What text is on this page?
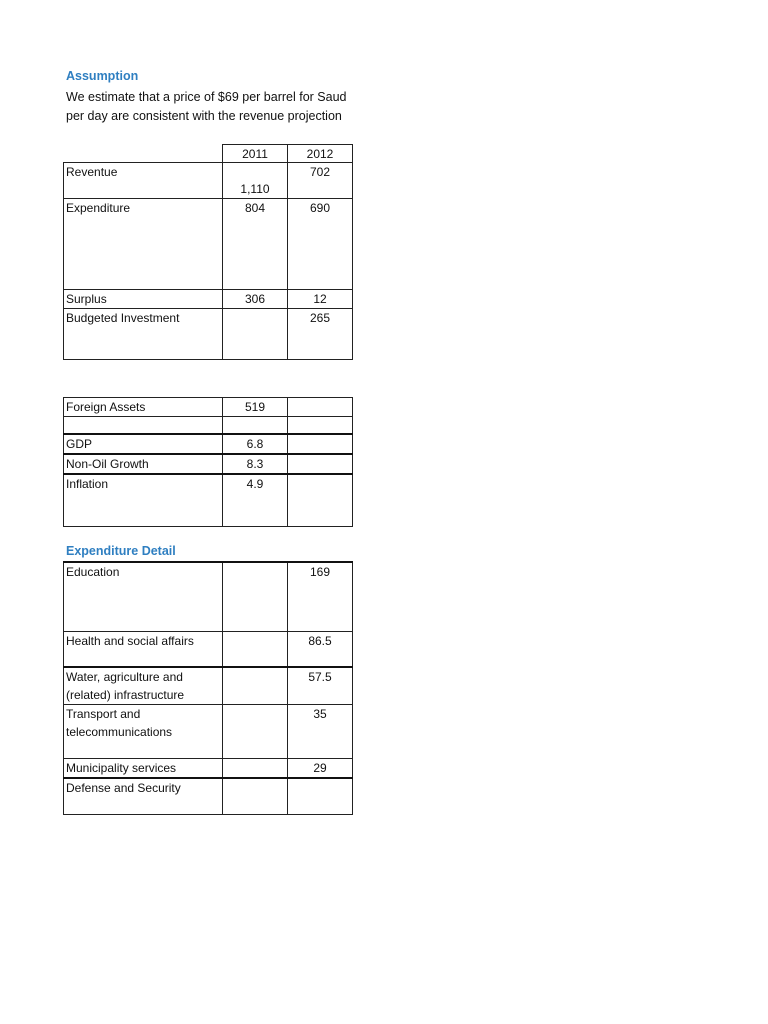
Assumption
We estimate that a price of $69 per barrel for Saud
per day are consistent with the revenue projection
	2011	2012
Reventue	1,110	702
Expenditure	804	690
Surplus	306	12
Budgeted Investment		265
Foreign Assets	519	

GDP	6.8	
Non-Oil Growth	8.3	
Inflation	4.9	
Expenditure Detail
Education		169
Health and social affairs		86.5

Water, agriculture and
(related) infrastructure		57.5

Transport and
telecommunications		35
Municipality services		29
Defense and Security		
